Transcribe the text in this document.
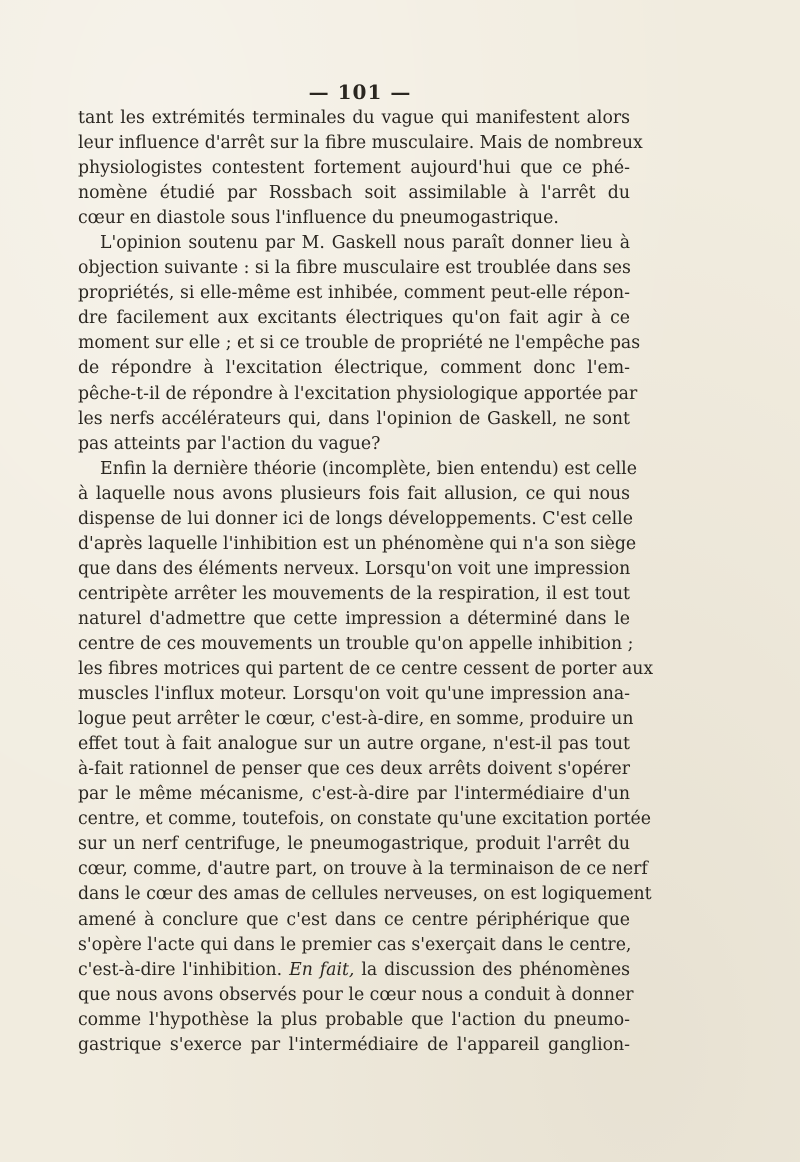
— 101 —
tant les extrémités terminales du vague qui manifestent alors
leur influence d'arrêt sur la fibre musculaire. Mais de nombreux
physiologistes contestent fortement aujourd'hui que ce phé-
nomène étudié par Rossbach soit assimilable à l'arrêt du
cœur en diastole sous l'influence du pneumogastrique.
L'opinion soutenu par M. Gaskell nous paraît donner lieu à
objection suivante : si la fibre musculaire est troublée dans ses
propriétés, si elle-même est inhibée, comment peut-elle répon-
dre facilement aux excitants électriques qu'on fait agir à ce
moment sur elle ; et si ce trouble de propriété ne l'empêche pas
de répondre à l'excitation électrique, comment donc l'em-
pêche-t-il de répondre à l'excitation physiologique apportée par
les nerfs accélérateurs qui, dans l'opinion de Gaskell, ne sont
pas atteints par l'action du vague?
Enfin la dernière théorie (incomplète, bien entendu) est celle
à laquelle nous avons plusieurs fois fait allusion, ce qui nous
dispense de lui donner ici de longs développements. C'est celle
d'après laquelle l'inhibition est un phénomène qui n'a son siège
que dans des éléments nerveux. Lorsqu'on voit une impression
centripète arrêter les mouvements de la respiration, il est tout
naturel d'admettre que cette impression a déterminé dans le
centre de ces mouvements un trouble qu'on appelle inhibition ;
les fibres motrices qui partent de ce centre cessent de porter aux
muscles l'influx moteur. Lorsqu'on voit qu'une impression ana-
logue peut arrêter le cœur, c'est-à-dire, en somme, produire un
effet tout à fait analogue sur un autre organe, n'est-il pas tout
à-fait rationnel de penser que ces deux arrêts doivent s'opérer
par le même mécanisme, c'est-à-dire par l'intermédiaire d'un
centre, et comme, toutefois, on constate qu'une excitation portée
sur un nerf centrifuge, le pneumogastrique, produit l'arrêt du
cœur, comme, d'autre part, on trouve à la terminaison de ce nerf
dans le cœur des amas de cellules nerveuses, on est logiquement
amené à conclure que c'est dans ce centre périphérique que
s'opère l'acte qui dans le premier cas s'exerçait dans le centre,
c'est-à-dire l'inhibition. En fait, la discussion des phénomènes
que nous avons observés pour le cœur nous a conduit à donner
comme l'hypothèse la plus probable que l'action du pneumo-
gastrique s'exerce par l'intermédiaire de l'appareil ganglion-
